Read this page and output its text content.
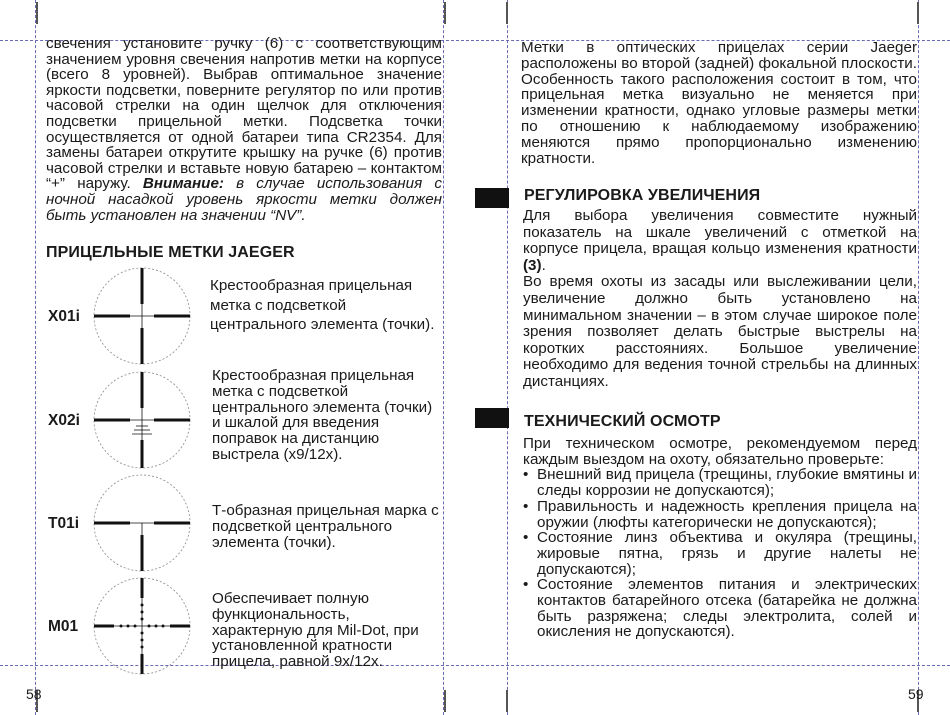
свечения установите ручку (6) с соответствующим значением уровня свечения напротив метки на корпусе (всего 8 уровней). Выбрав оптимальное значение яркости подсветки, поверните регулятор по или против часовой стрелки на один щелчок для отключения подсветки прицельной метки. Подсветка точки осуществляется от одной батареи типа CR2354. Для замены батареи открутите крышку на ручке (6) против часовой стрелки и вставьте новую батарею – контактом “+” наружу. Внимание: в случае использования с ночной насадкой уровень яркости метки должен быть установлен на значении “NV”.

ПРИЦЕЛЬНЫЕ МЕТКИ JAEGER
X01i
Крестообразная прицельная метка с подсветкой центрального элемента (точки).
X02i
Крестообразная прицельная метка с подсветкой центрального элемента (точки) и шкалой для введения поправок на дистанцию выстрела (x9/12x).
T01i
Т-образная прицельная марка с подсветкой центрального элемента (точки).
M01
Обеспечивает полную функциональность, характерную для Mil-Dot, при установленной кратности прицела, равной 9x/12x.
58
Метки в оптических прицелах серии Jaeger расположены во второй (задней) фокальной плоскости. Особенность такого расположения состоит в том, что прицельная метка визуально не меняется при изменении кратности, однако угловые размеры метки по отношению к наблюдаемому изображению меняются прямо пропорционально изменению кратности.
РЕГУЛИРОВКА УВЕЛИЧЕНИЯ

Для выбора увеличения совместите нужный показатель на шкале увеличений с отметкой на корпусе прицела, вращая кольцо изменения кратности (3).

Во время охоты из засады или выслеживании цели, увеличение должно быть установлено на минимальном значении – в этом случае широкое поле зрения позволяет делать быстрые выстрелы на коротких расстояниях. Большое увеличение необходимо для ведения точной стрельбы на длинных дистанциях.

ТЕХНИЧЕСКИЙ ОСМОТР

При техническом осмотре, рекомендуемом перед каждым выездом на охоту, обязательно проверьте:

• Внешний вид прицела (трещины, глубокие вмятины и следы коррозии не допускаются);
• Правильность и надежность крепления прицела на оружии (люфты категорически не допускаются);
• Состояние линз объектива и окуляра (трещины, жировые пятна, грязь и другие налеты не допускаются);
• Состояние элементов питания и электрических контактов батарейного отсека (батарейка не должна быть разряжена; следы электролита, солей и окисления не допускаются).
59
